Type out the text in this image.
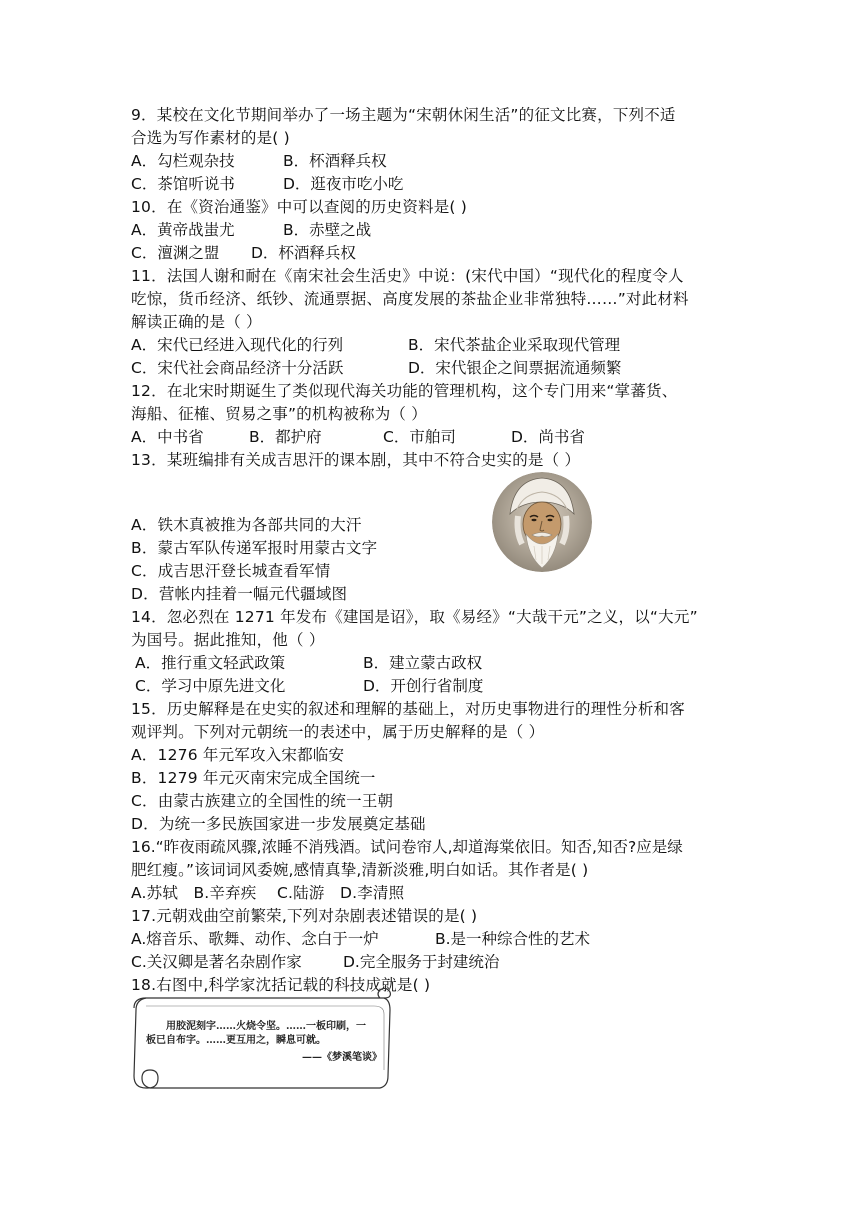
9．某校在文化节期间举办了一场主题为“宋朝休闲生活”的征文比赛，下列不适
合选为写作素材的是( )
A．勾栏观杂技	B．杯酒释兵权
C．茶馆听说书	D．逛夜市吃小吃
10．在《资治通鉴》中可以查阅的历史资料是( )
A．黄帝战蚩尤	B．赤壁之战
C．澶渊之盟 D．杯酒释兵权
11．法国人谢和耐在《南宋社会生活史》中说：(宋代中国）“现代化的程度令人
吃惊，货币经济、纸钞、流通票据、高度发展的茶盐企业非常独特……”对此材料
解读正确的是（ ）
A．宋代已经进入现代化的行列	B．宋代茶盐企业采取现代管理
C．宋代社会商品经济十分活跃	D．宋代银企之间票据流通频繁
12．在北宋时期诞生了类似现代海关功能的管理机构，这个专门用来“掌蕃货、
海船、征榷、贸易之事”的机构被称为（ ）
A．中书省	B．都护府	C．市舶司	D．尚书省
13．某班编排有关成吉思汗的课本剧，其中不符合史实的是（ ）
A．铁木真被推为各部共同的大汗
B．蒙古军队传递军报时用蒙古文字
C．成吉思汗登长城查看军情
D．营帐内挂着一幅元代疆域图
14．忽必烈在 1271 年发布《建国是诏》，取《易经》“大哉干元”之义，以“大元”
为国号。据此推知，他（ ）
A．推行重文轻武政策	B．建立蒙古政权
C．学习中原先进文化	D．开创行省制度
15．历史解释是在史实的叙述和理解的基础上，对历史事物进行的理性分析和客
观评判。下列对元朝统一的表述中，属于历史解释的是（ ）
A．1276 年元军攻入宋都临安
B．1279 年元灭南宋完成全国统一
C．由蒙古族建立的全国性的统一王朝
D．为统一多民族国家进一步发展奠定基础
16.“昨夜雨疏风骤,浓睡不消残酒。试问卷帘人,却道海棠依旧。知否,知否?应是绿
肥红瘦。”该词词风委婉,感情真挚,清新淡雅,明白如话。其作者是( )
A.苏轼   B.辛弃疾    C.陆游   D.李清照
17.元朝戏曲空前繁荣,下列对杂剧表述错误的是( )
A.熔音乐、歌舞、动作、念白于一炉	B.是一种综合性的艺术
C.关汉卿是著名杂剧作家	D.完全服务于封建统治
18.右图中,科学家沈括记载的科技成就是( )
用胶泥刻字……火烧令坚。……一板印刷，一
板已自布字。……更互用之，瞬息可就。
——《梦溪笔谈》
